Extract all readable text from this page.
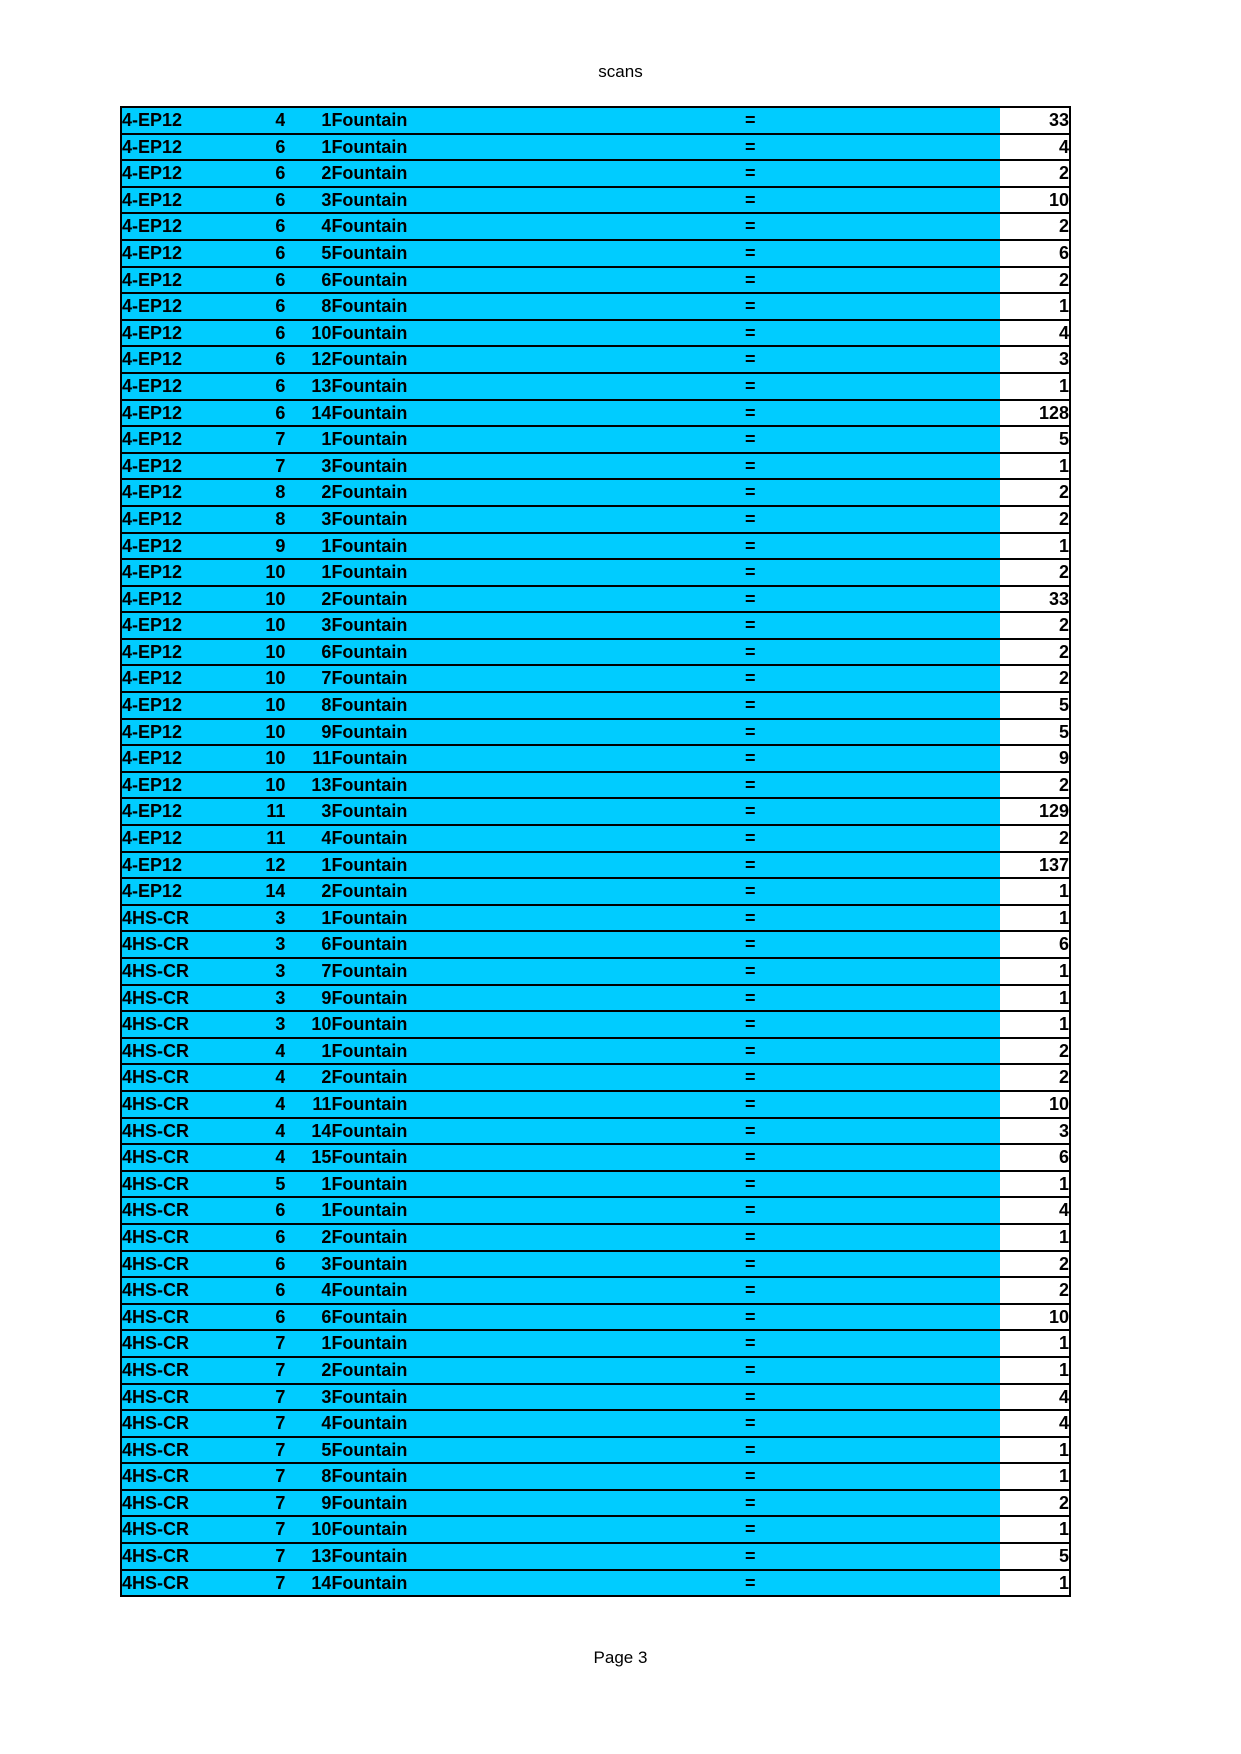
scans
4-EP12	4	1	Fountain	=		33
4-EP12	6	1	Fountain	=		4
4-EP12	6	2	Fountain	=		2
4-EP12	6	3	Fountain	=		10
4-EP12	6	4	Fountain	=		2
4-EP12	6	5	Fountain	=		6
4-EP12	6	6	Fountain	=		2
4-EP12	6	8	Fountain	=		1
4-EP12	6	10	Fountain	=		4
4-EP12	6	12	Fountain	=		3
4-EP12	6	13	Fountain	=		1
4-EP12	6	14	Fountain	=		128
4-EP12	7	1	Fountain	=		5
4-EP12	7	3	Fountain	=		1
4-EP12	8	2	Fountain	=		2
4-EP12	8	3	Fountain	=		2
4-EP12	9	1	Fountain	=		1
4-EP12	10	1	Fountain	=		2
4-EP12	10	2	Fountain	=		33
4-EP12	10	3	Fountain	=		2
4-EP12	10	6	Fountain	=		2
4-EP12	10	7	Fountain	=		2
4-EP12	10	8	Fountain	=		5
4-EP12	10	9	Fountain	=		5
4-EP12	10	11	Fountain	=		9
4-EP12	10	13	Fountain	=		2
4-EP12	11	3	Fountain	=		129
4-EP12	11	4	Fountain	=		2
4-EP12	12	1	Fountain	=		137
4-EP12	14	2	Fountain	=		1
4HS-CR	3	1	Fountain	=		1
4HS-CR	3	6	Fountain	=		6
4HS-CR	3	7	Fountain	=		1
4HS-CR	3	9	Fountain	=		1
4HS-CR	3	10	Fountain	=		1
4HS-CR	4	1	Fountain	=		2
4HS-CR	4	2	Fountain	=		2
4HS-CR	4	11	Fountain	=		10
4HS-CR	4	14	Fountain	=		3
4HS-CR	4	15	Fountain	=		6
4HS-CR	5	1	Fountain	=		1
4HS-CR	6	1	Fountain	=		4
4HS-CR	6	2	Fountain	=		1
4HS-CR	6	3	Fountain	=		2
4HS-CR	6	4	Fountain	=		2
4HS-CR	6	6	Fountain	=		10
4HS-CR	7	1	Fountain	=		1
4HS-CR	7	2	Fountain	=		1
4HS-CR	7	3	Fountain	=		4
4HS-CR	7	4	Fountain	=		4
4HS-CR	7	5	Fountain	=		1
4HS-CR	7	8	Fountain	=		1
4HS-CR	7	9	Fountain	=		2
4HS-CR	7	10	Fountain	=		1
4HS-CR	7	13	Fountain	=		5
4HS-CR	7	14	Fountain	=		1
Page 3
